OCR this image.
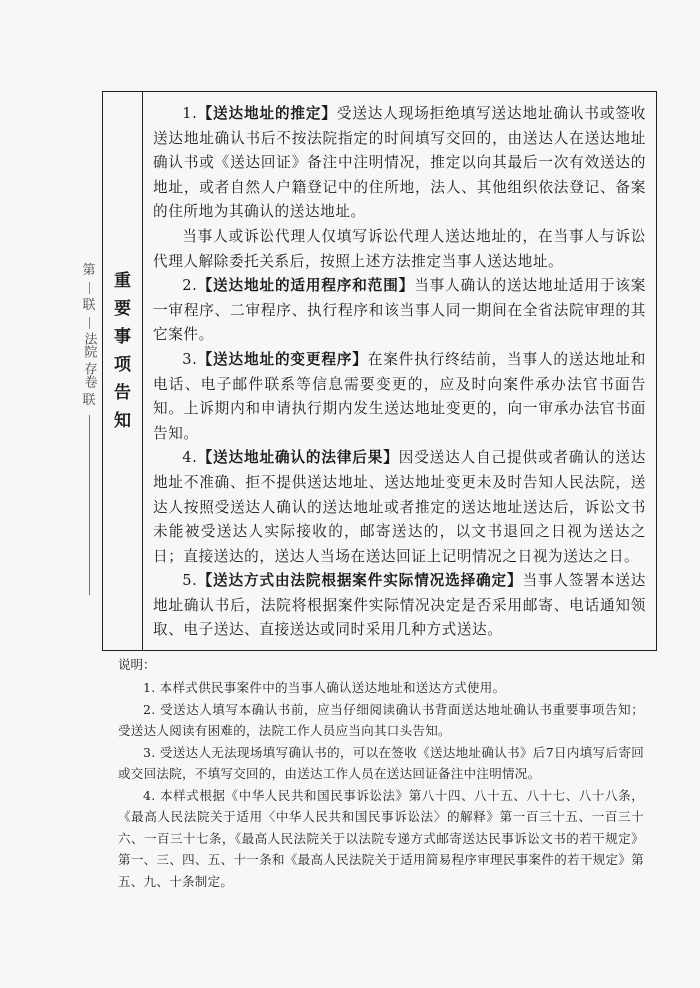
第
联
法院
存卷
联
重
要
事
项
告
知

1.【送达地址的推定】受送达人现场拒绝填写送达地址确认书或签收送达地址确认书后不按法院指定的时间填写交回的，由送达人在送达地址确认书或《送达回证》备注中注明情况，推定以向其最后一次有效送达的地址，或者自然人户籍登记中的住所地，法人、其他组织依法登记、备案的住所地为其确认的送达地址。

当事人或诉讼代理人仅填写诉讼代理人送达地址的，在当事人与诉讼代理人解除委托关系后，按照上述方法推定当事人送达地址。

2.【送达地址的适用程序和范围】当事人确认的送达地址适用于该案一审程序、二审程序、执行程序和该当事人同一期间在全省法院审理的其它案件。

3.【送达地址的变更程序】在案件执行终结前，当事人的送达地址和电话、电子邮件联系等信息需要变更的，应及时向案件承办法官书面告知。上诉期内和申请执行期内发生送达地址变更的，向一审承办法官书面告知。

4.【送达地址确认的法律后果】因受送达人自己提供或者确认的送达地址不准确、拒不提供送达地址、送达地址变更未及时告知人民法院，送达人按照受送达人确认的送达地址或者推定的送达地址送达后，诉讼文书未能被受送达人实际接收的，邮寄送达的，以文书退回之日视为送达之日；直接送达的，送达人当场在送达回证上记明情况之日视为送达之日。

5.【送达方式由法院根据案件实际情况选择确定】当事人签署本送达地址确认书后，法院将根据案件实际情况决定是否采用邮寄、电话通知领取、电子送达、直接送达或同时采用几种方式送达。

说明：

1. 本样式供民事案件中的当事人确认送达地址和送达方式使用。

2. 受送达人填写本确认书前，应当仔细阅读确认书背面送达地址确认书重要事项告知；受送达人阅读有困难的，法院工作人员应当向其口头告知。

3. 受送达人无法现场填写确认书的，可以在签收《送达地址确认书》后7日内填写后寄回或交回法院，不填写交回的，由送达工作人员在送达回证备注中注明情况。

4. 本样式根据《中华人民共和国民事诉讼法》第八十四、八十五、八十七、八十八条，《最高人民法院关于适用〈中华人民共和国民事诉讼法〉的解释》第一百三十五、一百三十六、一百三十七条，《最高人民法院关于以法院专递方式邮寄送达民事诉讼文书的若干规定》第一、三、四、五、十一条和《最高人民法院关于适用简易程序审理民事案件的若干规定》第五、九、十条制定。
